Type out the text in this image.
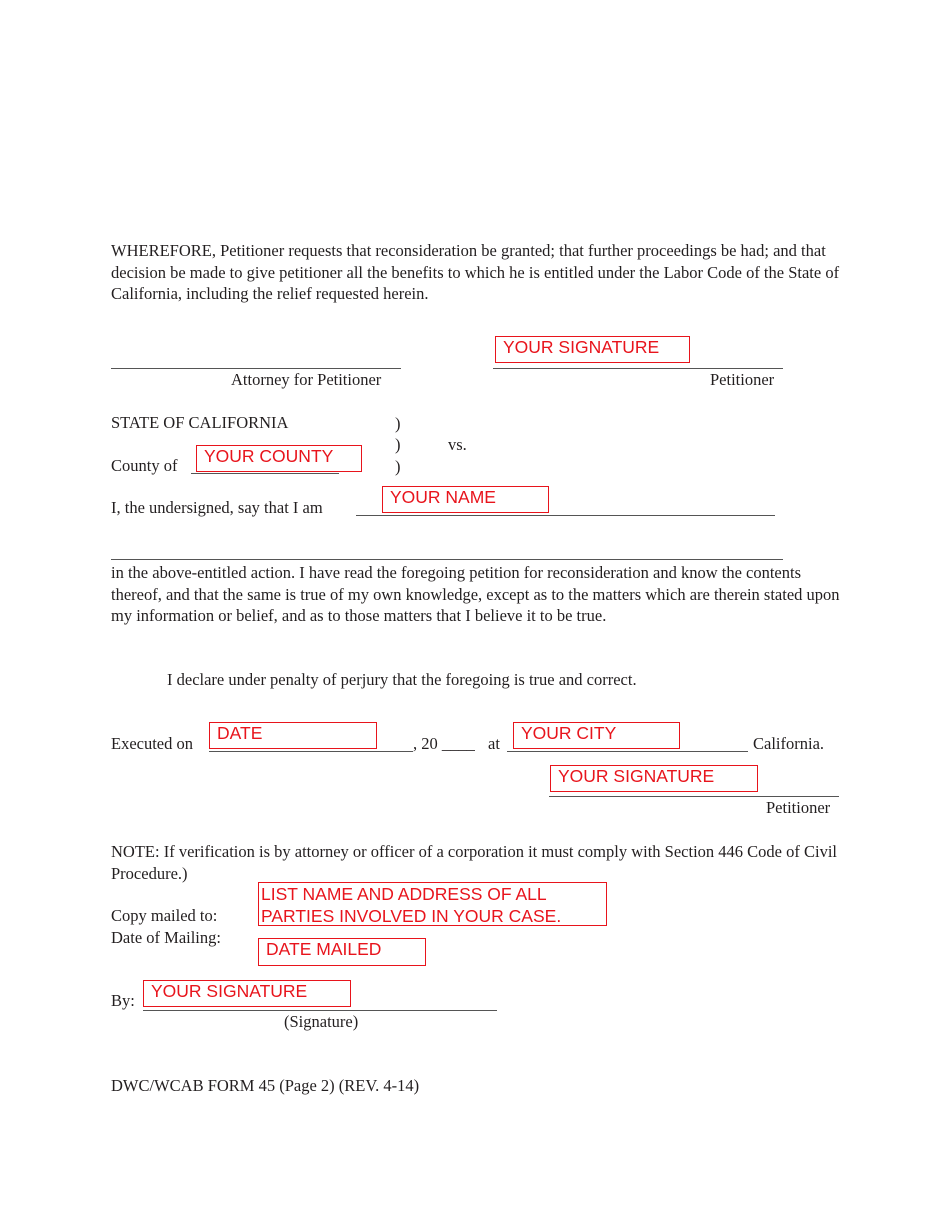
WHEREFORE, Petitioner requests that reconsideration be granted; that further proceedings be had; and that decision be made to give petitioner all the benefits to which he is entitled under the Labor Code of the State of California, including the relief requested herein.
Attorney for Petitioner	Petitioner
YOUR SIGNATURE
STATE OF CALIFORNIA	)
)
)
vs.
County of	YOUR COUNTY
I, the undersigned, say that I am
YOUR NAME
in the above-entitled action. I have read the foregoing petition for reconsideration and know the contents thereof, and that the same is true of my own knowledge, except as to the matters which are therein stated upon my information or belief, and as to those matters that I believe it to be true.
I declare under penalty of perjury that the foregoing is true and correct.
Executed on
DATE
, 20 ____ at
YOUR CITY
California.
YOUR SIGNATURE
Petitioner
NOTE: If verification is by attorney or officer of a corporation it must comply with Section 446 Code of Civil Procedure.)
Copy mailed to:
Date of Mailing:
LIST NAME AND ADDRESS OF ALL PARTIES INVOLVED IN YOUR CASE.
DATE MAILED
By: YOUR SIGNATURE
(Signature)
DWC/WCAB FORM 45 (Page 2) (REV. 4-14)
